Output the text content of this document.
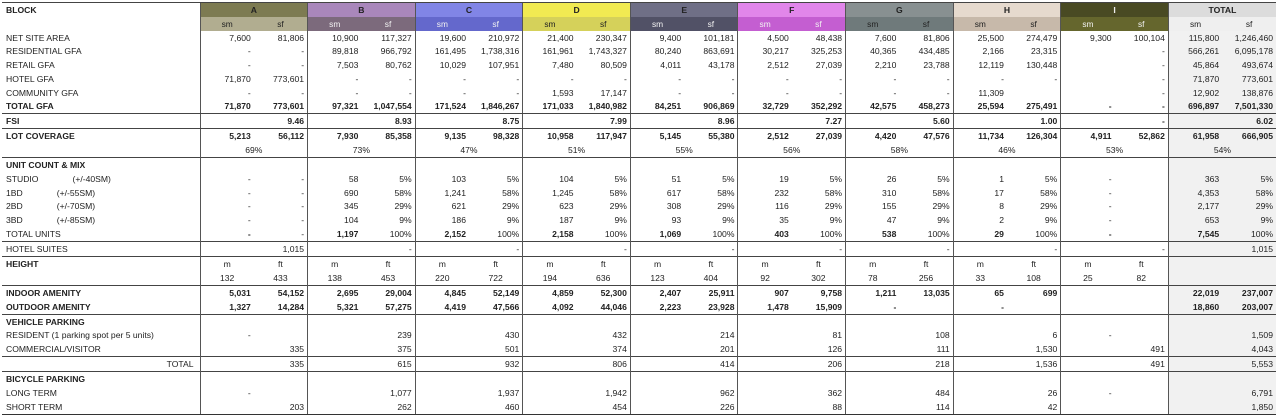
BLOCK	A		B		C		D		E		F		G		H		I		TOTAL	
	sm	sf	sm	sf	sm	sf	sm	sf	sm	sf	sm	sf	sm	sf	sm	sf	sm	sf	sm	sf
NET SITE AREA	7,600	81,806	10,900	117,327	19,600	210,972	21,400	230,347	9,400	101,181	4,500	48,438	7,600	81,806	25,500	274,479	9,300	100,104	115,800	1,246,460
RESIDENTIAL GFA	-	-	89,818	966,792	161,495	1,738,316	161,961	1,743,327	80,240	863,691	30,217	325,253	40,365	434,485	2,166	23,315		-	566,261	6,095,178
RETAIL GFA	-	-	7,503	80,762	10,029	107,951	7,480	80,509	4,011	43,178	2,512	27,039	2,210	23,788	12,119	130,448		-	45,864	493,674
HOTEL GFA	71,870	773,601	-	-	-	-	-	-	-	-	-	-	-	-	-	-		-	71,870	773,601
COMMUNITY GFA	-	-	-	-	-	-	1,593	17,147	-	-	-	-	-	-	11,309			-	12,902	138,876
TOTAL GFA	71,870	773,601	97,321	1,047,554	171,524	1,846,267	171,033	1,840,982	84,251	906,869	32,729	352,292	42,575	458,273	25,594	275,491	-	-	696,897	7,501,330
FSI		9.46		8.93		8.75		7.99		8.96		7.27		5.60		1.00		-		6.02
LOT COVERAGE	5,213	56,112	7,930	85,358	9,135	98,328	10,958	117,947	5,145	55,380	2,512	27,039	4,420	47,576	11,734	126,304	4,911	52,862	61,958	666,905
	69%		73%		47%		51%		55%		56%		58%		46%		53%		54%	
UNIT COUNT & MIX																				
STUDIO (+/-40SM)	-	-	58	5%	103	5%	104	5%	51	5%	19	5%	26	5%	1	5%	-		363	5%
1BD (+/-55SM)	-	-	690	58%	1,241	58%	1,245	58%	617	58%	232	58%	310	58%	17	58%	-		4,353	58%
2BD (+/-70SM)	-	-	345	29%	621	29%	623	29%	308	29%	116	29%	155	29%	8	29%	-		2,177	29%
3BD (+/-85SM)	-	-	104	9%	186	9%	187	9%	93	9%	35	9%	47	9%	2	9%	-		653	9%
TOTAL UNITS	-	-	1,197	100%	2,152	100%	2,158	100%	1,069	100%	403	100%	538	100%	29	100%	-		7,545	100%
HOTEL SUITES		1,015		-		-		-		-		-		-		-		-		1,015
HEIGHT	m	ft	m	ft	m	ft	m	ft	m	ft	m	ft	m	ft	m	ft	m	ft		
	132	433	138	453	220	722	194	636	123	404	92	302	78	256	33	108	25	82		
INDOOR AMENITY	5,031	54,152	2,695	29,004	4,845	52,149	4,859	52,300	2,407	25,911	907	9,758	1,211	13,035	65	699			22,019	237,007
OUTDOOR AMENITY	1,327	14,284	5,321	57,275	4,419	47,566	4,092	44,046	2,223	23,928	1,478	15,909	-		-				18,860	203,007
VEHICLE PARKING																				
RESIDENT (1 parking spot per 5 units)	-			239		430		432		214		81		108		6	-			1,509
COMMERCIAL/VISITOR		335		375		501		374		201		126		111		1,530		491		4,043
TOTAL		335		615		932		806		414		206		218		1,536		491		5,553
BICYCLE PARKING																				
LONG TERM	-			1,077		1,937		1,942		962		362		484		26	-			6,791
SHORT TERM		203		262		460		454		226		88		114		42				1,850
